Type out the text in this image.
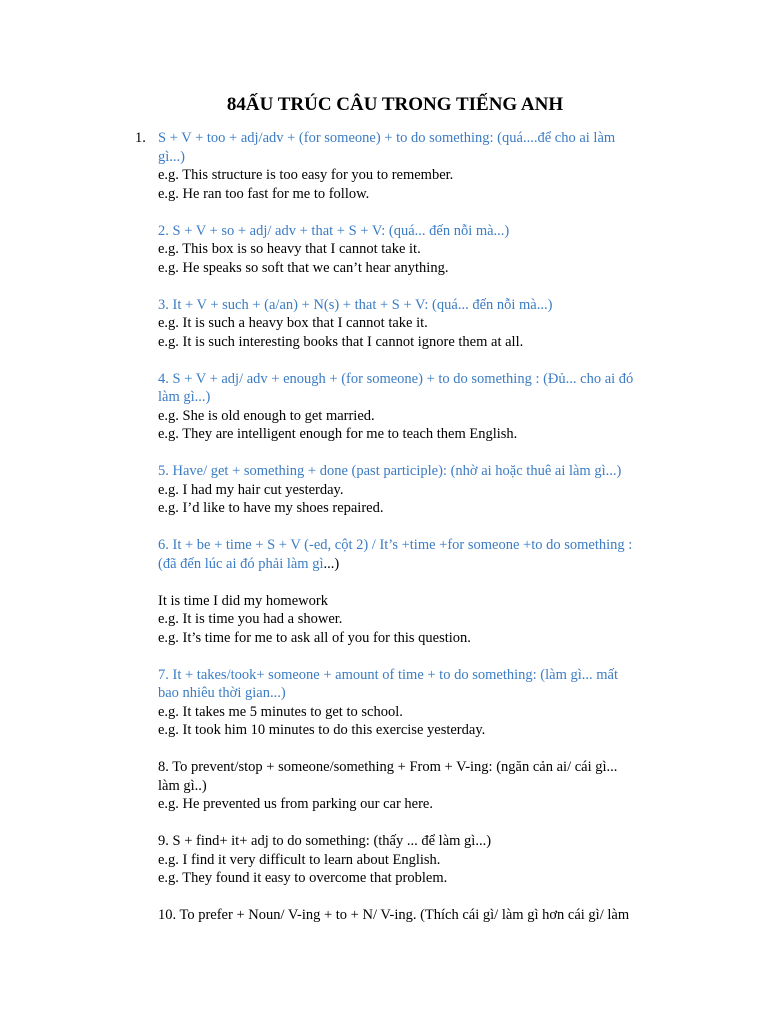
84ẤU TRÚC CÂU TRONG TIẾNG ANH
1. S + V + too + adj/adv + (for someone) + to do something: (quá....để cho ai làm
gì...)
e.g. This structure is too easy for you to remember.
e.g. He ran too fast for me to follow.
2. S + V + so + adj/ adv + that + S + V: (quá... đến nỗi mà...)
e.g. This box is so heavy that I cannot take it.
e.g. He speaks so soft that we can’t hear anything.
3. It + V + such + (a/an) + N(s) + that + S + V: (quá... đến nỗi mà...)
e.g. It is such a heavy box that I cannot take it.
e.g. It is such interesting books that I cannot ignore them at all.
4. S + V + adj/ adv + enough + (for someone) + to do something : (Đủ... cho ai đó
làm gì...)
e.g. She is old enough to get married.
e.g. They are intelligent enough for me to teach them English.
5. Have/ get + something + done (past participle): (nhờ ai hoặc thuê ai làm gì...)
e.g. I had my hair cut yesterday.
e.g. I’d like to have my shoes repaired.
6. It + be + time + S + V (-ed, cột 2) / It’s +time +for someone +to do something :
(đã đến lúc ai đó phải làm gì...)
It is time I did my homework
e.g. It is time you had a shower.
e.g. It’s time for me to ask all of you for this question.
7. It + takes/took+ someone + amount of time + to do something: (làm gì... mất
bao nhiêu thời gian...)
e.g. It takes me 5 minutes to get to school.
e.g. It took him 10 minutes to do this exercise yesterday.
8. To prevent/stop + someone/something + From + V-ing: (ngăn cản ai/ cái gì...
làm gì..)
e.g. He prevented us from parking our car here.
9. S + find+ it+ adj to do something: (thấy ... để làm gì...)
e.g. I find it very difficult to learn about English.
e.g. They found it easy to overcome that problem.
10. To prefer + Noun/ V-ing + to + N/ V-ing. (Thích cái gì/ làm gì hơn cái gì/ làm
